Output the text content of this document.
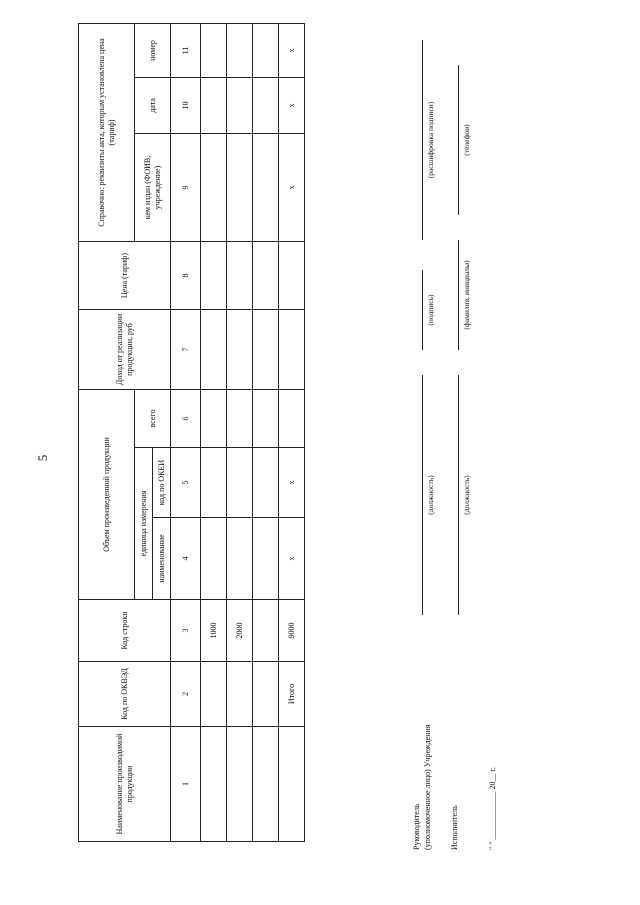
5
Наименование производимой продукции	Код по ОКВЭД	Код строки	Объем произведенной продукции			Доход от реализации продукции, руб	Цена (тариф)	Справочно: реквизиты акта, которым установлена цена (тариф)		
			единица измерения		всего			кем издан (ФОИВ, учреждение)	дата	номер
			наименование	код по ОКЕИ						
1	2	3	4	5	6	7	8	9	10	11
		1000								
		2000								

	Итого	9000	х	х				х	х	х
Руководитель (уполномоченное лицо) Учреждения
(должность)
(подпись)
(расшифровка подписи)
Исполнитель
(должность)
(фамилия, инициалы)
(телефон)
" " ____________ 20__ г.
